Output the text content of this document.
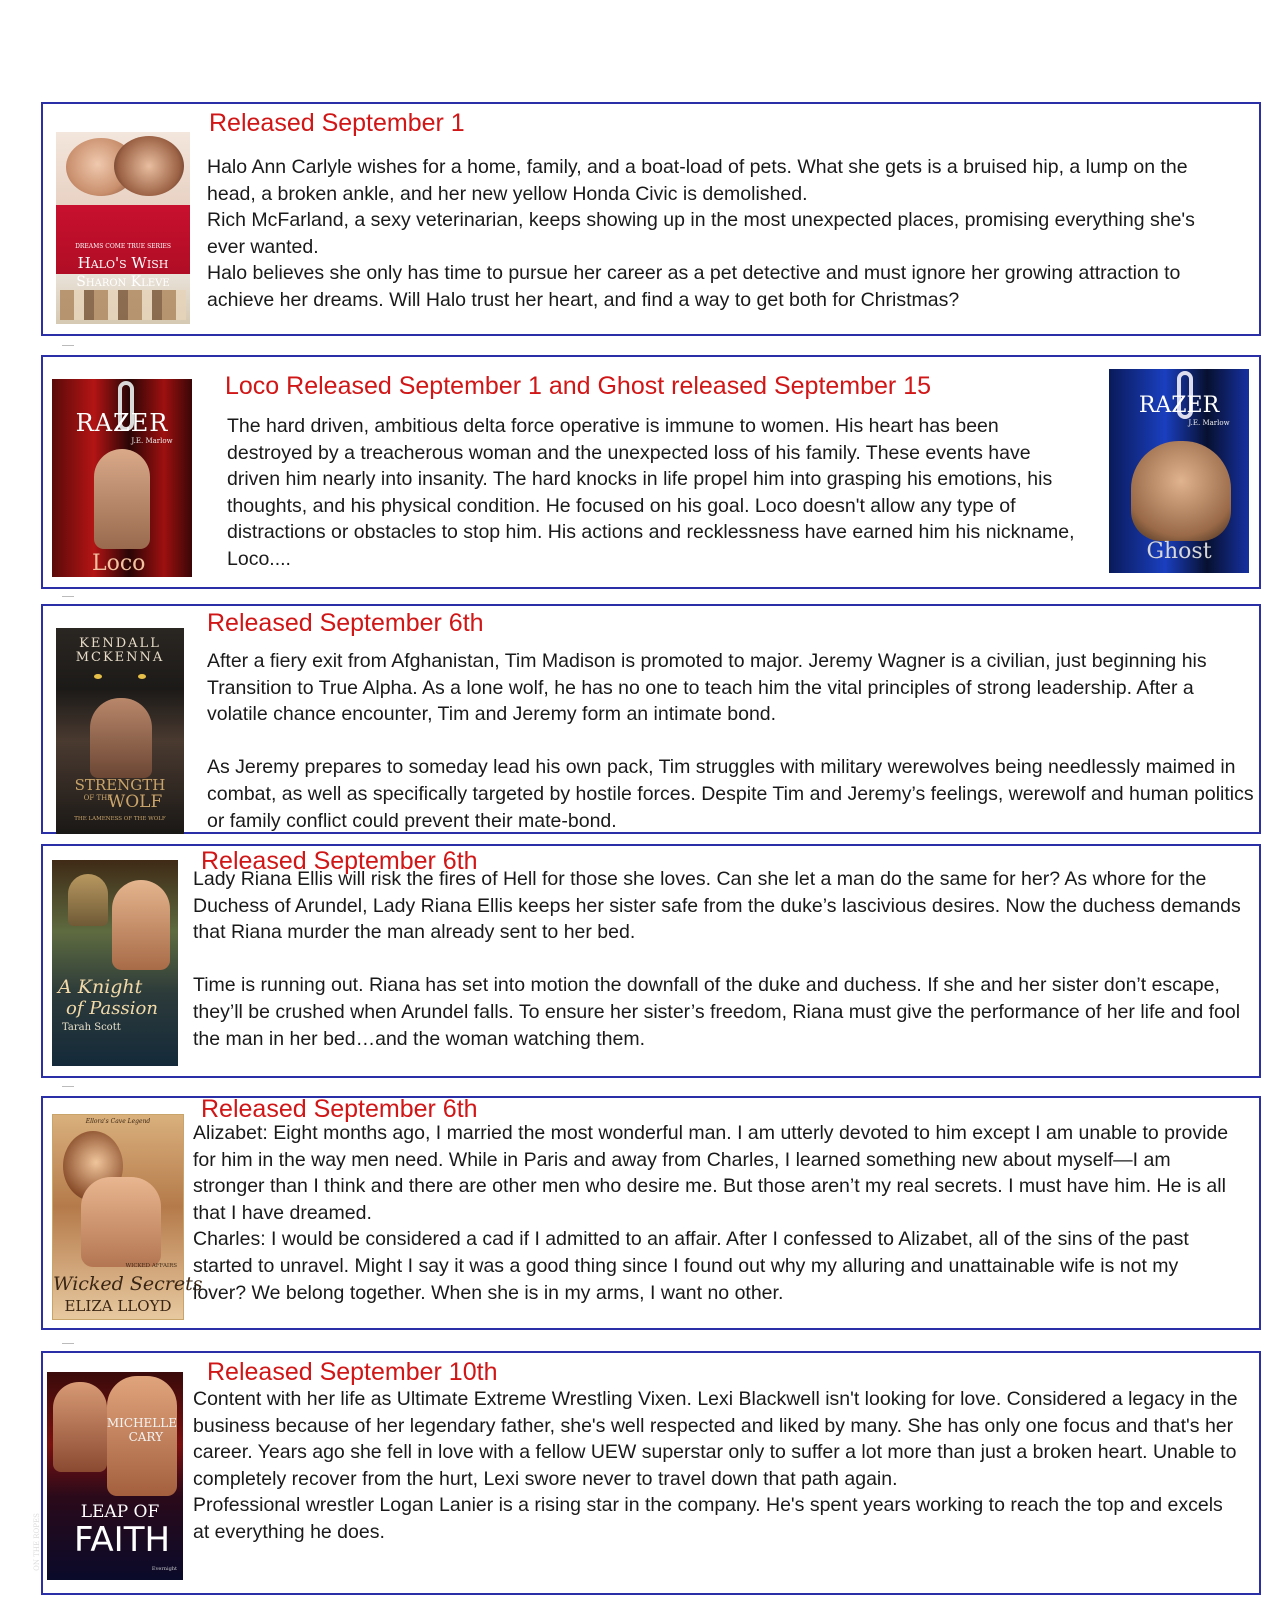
DREAMS COME TRUE SERIES
Halo's Wish
Sharon Kleve
Released September 1

Halo Ann Carlyle wishes for a home, family, and a boat-load of pets. What she gets is a bruised hip, a lump on the head, a broken ankle, and her new yellow Honda Civic is demolished.

Rich McFarland, a sexy veterinarian, keeps showing up in the most unexpected places, promising everything she's ever wanted.

Halo believes she only has time to pursue her career as a pet detective and must ignore her growing attraction to achieve her dreams. Will Halo trust her heart, and find a way to get both for Christmas?

RAZER
J.E. Marlow
Loco
Loco Released September 1 and Ghost released September 15

The hard driven, ambitious delta force operative is immune to women. His heart has been destroyed by a treacherous woman and the unexpected loss of his family. These events have driven him nearly into insanity. The hard knocks in life propel him into grasping his emotions, his thoughts, and his physical condition. He focused on his goal. Loco doesn't allow any type of distractions or obstacles to stop him. His actions and recklessness have earned him his nickname, Loco....

RAZER
J.E. Marlow
Ghost
KENDALL
MCKENNA
STRENGTH
OF THE
WOLF
THE LAMENESS OF THE WOLF
Released September 6th

After a fiery exit from Afghanistan, Tim Madison is promoted to major. Jeremy Wagner is a civilian, just beginning his Transition to True Alpha. As a lone wolf, he has no one to teach him the vital principles of strong leadership. After a volatile chance encounter, Tim and Jeremy form an intimate bond.

As Jeremy prepares to someday lead his own pack, Tim struggles with military werewolves being needlessly maimed in combat, as well as specifically targeted by hostile forces. Despite Tim and Jeremy’s feelings, werewolf and human politics or family conflict could prevent their mate-bond.

A Knight
of Passion
Tarah Scott
Released September 6th

Lady Riana Ellis will risk the fires of Hell for those she loves. Can she let a man do the same for her? As whore for the Duchess of Arundel, Lady Riana Ellis keeps her sister safe from the duke’s lascivious desires. Now the duchess demands that Riana murder the man already sent to her bed.

Time is running out. Riana has set into motion the downfall of the duke and duchess. If she and her sister don’t escape, they’ll be crushed when Arundel falls. To ensure her sister’s freedom, Riana must give the performance of her life and fool the man in her bed…and the woman watching them.

Ellora's Cave Legend
WICKED AFFAIRS
Wicked Secrets
ELIZA LLOYD
Released September 6th

Alizabet: Eight months ago, I married the most wonderful man. I am utterly devoted to him except I am unable to provide for him in the way men need. While in Paris and away from Charles, I learned something new about myself—I am stronger than I think and there are other men who desire me. But those aren’t my real secrets. I must have him. He is all that I have dreamed.

Charles: I would be considered a cad if I admitted to an affair. After I confessed to Alizabet, all of the sins of the past started to unravel. Might I say it was a good thing since I found out why my alluring and unattainable wife is not my lover? We belong together. When she is in my arms, I want no other.

MICHELLE
CARY
ON THE ROPES
LEAP OF
FAITH
Evernight
Released September 10th

Content with her life as Ultimate Extreme Wrestling Vixen. Lexi Blackwell isn't looking for love. Considered a legacy in the business because of her legendary father, she's well respected and liked by many. She has only one focus and that's her career. Years ago she fell in love with a fellow UEW superstar only to suffer a lot more than just a broken heart. Unable to completely recover from the hurt, Lexi swore never to travel down that path again.

Professional wrestler Logan Lanier is a rising star in the company. He's spent years working to reach the top and excels at everything he does.
